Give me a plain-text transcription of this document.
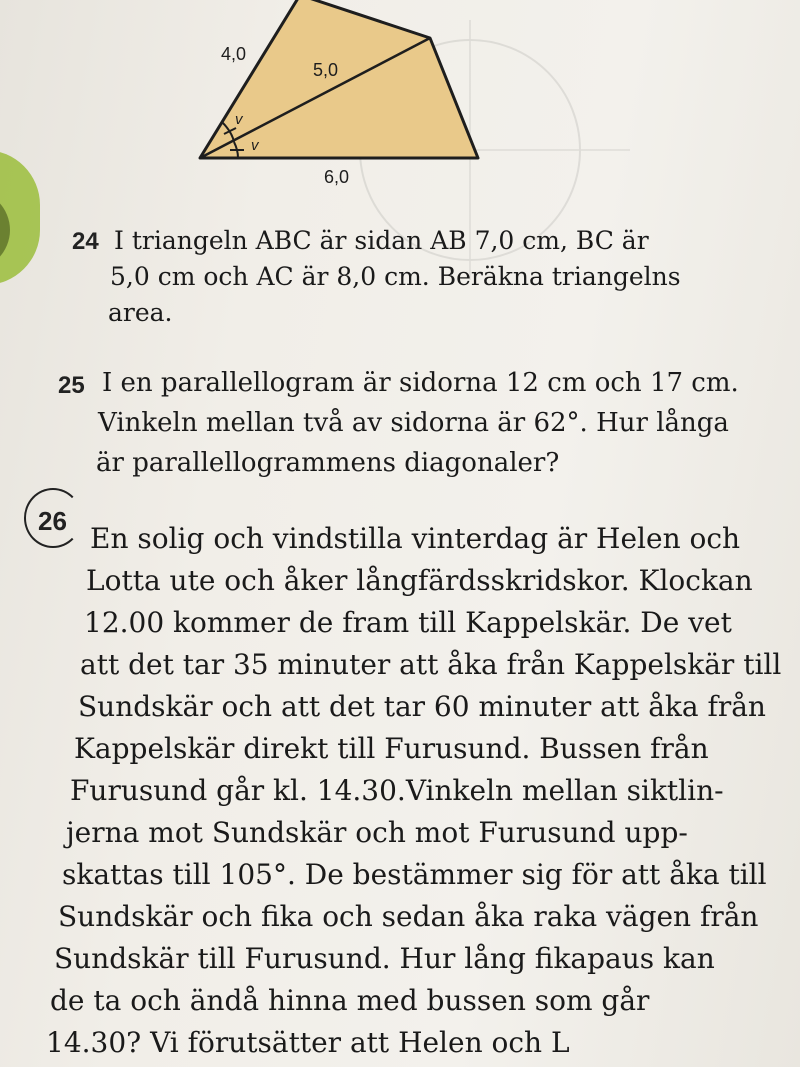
v
v
4,0
5,0
6,0
24 I triangeln ABC är sidan AB 7,0 cm, BC är
5,0 cm och AC är 8,0 cm. Beräkna triangelns
area.
25 I en parallellogram är sidorna 12 cm och 17 cm.
Vinkeln mellan två av sidorna är 62°. Hur långa
är parallellogrammens diagonaler?
26
En solig och vindstilla vinterdag är Helen och
Lotta ute och åker långfärdsskridskor. Klockan
12.00 kommer de fram till Kappelskär. De vet
att det tar 35 minuter att åka från Kappelskär till
Sundskär och att det tar 60 minuter att åka från
Kappelskär direkt till Furusund. Bussen från
Furusund går kl. 14.30.Vinkeln mellan siktlin-
jerna mot Sundskär och mot Furusund upp-
skattas till 105°. De bestämmer sig för att åka till
Sundskär och fika och sedan åka raka vägen från
Sundskär till Furusund. Hur lång fikapaus kan
de ta och ändå hinna med bussen som går
14.30? Vi förutsätter att Helen och L
